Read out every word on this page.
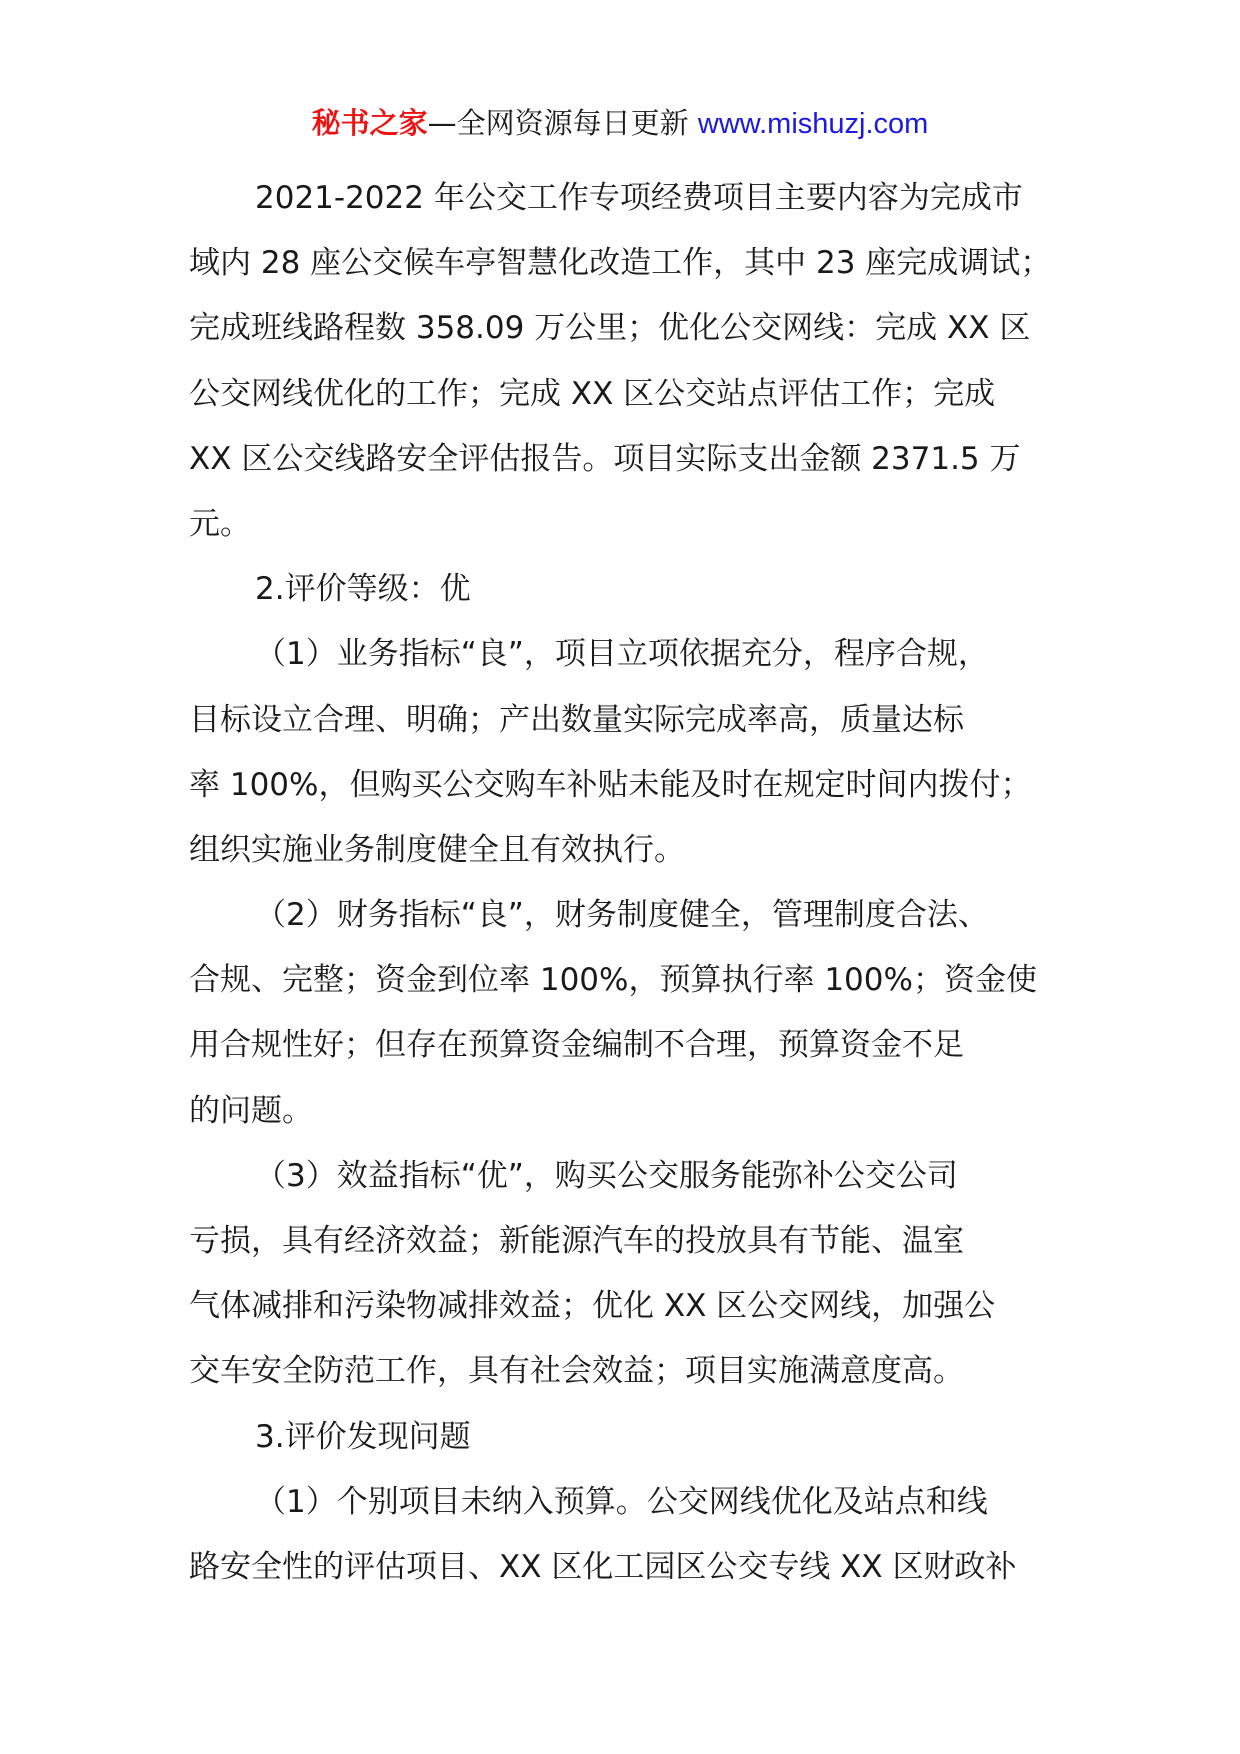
秘书之家—全网资源每日更新 www.mishuzj.com
2021-2022 年公交工作专项经费项目主要内容为完成市
域内 28 座公交候车亭智慧化改造工作，其中 23 座完成调试；
完成班线路程数 358.09 万公里；优化公交网线：完成 XX 区
公交网线优化的工作；完成 XX 区公交站点评估工作；完成
XX 区公交线路安全评估报告。项目实际支出金额 2371.5 万
元。
2.评价等级：优
（1）业务指标“良”，项目立项依据充分，程序合规，
目标设立合理、明确；产出数量实际完成率高，质量达标
率 100%，但购买公交购车补贴未能及时在规定时间内拨付；
组织实施业务制度健全且有效执行。
（2）财务指标“良”，财务制度健全，管理制度合法、
合规、完整；资金到位率 100%，预算执行率 100%；资金使
用合规性好；但存在预算资金编制不合理，预算资金不足
的问题。
（3）效益指标“优”，购买公交服务能弥补公交公司
亏损，具有经济效益；新能源汽车的投放具有节能、温室
气体减排和污染物减排效益；优化 XX 区公交网线，加强公
交车安全防范工作，具有社会效益；项目实施满意度高。
3.评价发现问题
（1）个别项目未纳入预算。公交网线优化及站点和线
路安全性的评估项目、XX 区化工园区公交专线 XX 区财政补
